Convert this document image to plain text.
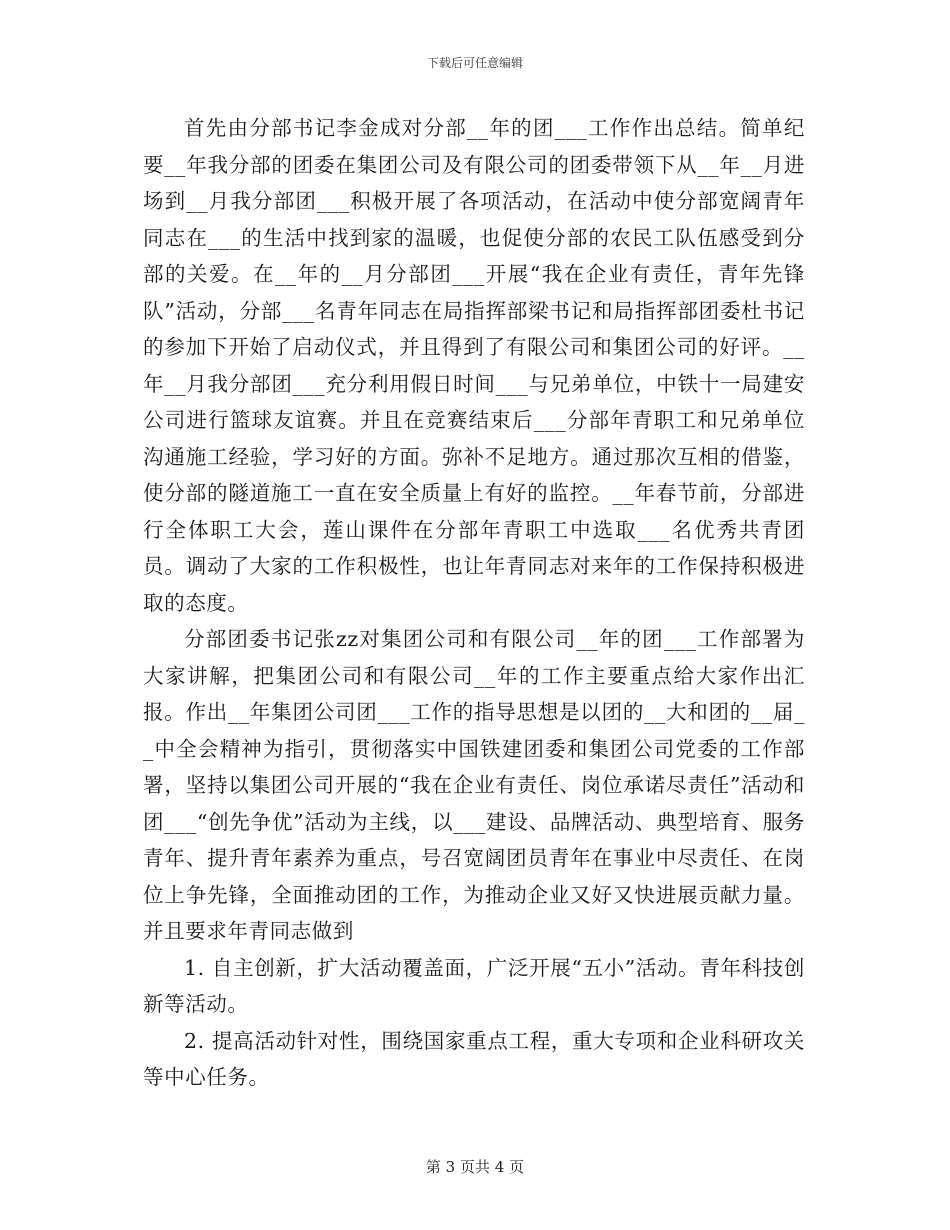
下载后可任意编辑

首先由分部书记李金成对分部__年的团___工作作出总结。简单纪要__年我分部的团委在集团公司及有限公司的团委带领下从__年__月进场到__月我分部团___积极开展了各项活动，在活动中使分部宽阔青年同志在___的生活中找到家的温暖，也促使分部的农民工队伍感受到分部的关爱。在__年的__月分部团___开展“我在企业有责任，青年先锋队”活动，分部___名青年同志在局指挥部梁书记和局指挥部团委杜书记的参加下开始了启动仪式，并且得到了有限公司和集团公司的好评。__年__月我分部团___充分利用假日时间___与兄弟单位，中铁十一局建安公司进行篮球友谊赛。并且在竞赛结束后___分部年青职工和兄弟单位沟通施工经验，学习好的方面。弥补不足地方。通过那次互相的借鉴，使分部的隧道施工一直在安全质量上有好的监控。__年春节前，分部进行全体职工大会，莲山课件在分部年青职工中选取___名优秀共青团员。调动了大家的工作积极性，也让年青同志对来年的工作保持积极进取的态度。

分部团委书记张zz对集团公司和有限公司__年的团___工作部署为大家讲解，把集团公司和有限公司__年的工作主要重点给大家作出汇报。作出__年集团公司团___工作的指导思想是以团的__大和团的__届__中全会精神为指引，贯彻落实中国铁建团委和集团公司党委的工作部署，坚持以集团公司开展的“我在企业有责任、岗位承诺尽责任”活动和团___“创先争优”活动为主线，以___建设、品牌活动、典型培育、服务青年、提升青年素养为重点，号召宽阔团员青年在事业中尽责任、在岗位上争先锋，全面推动团的工作，为推动企业又好又快进展贡献力量。并且要求年青同志做到

1. 自主创新，扩大活动覆盖面，广泛开展“五小”活动。青年科技创新等活动。

2. 提高活动针对性，围绕国家重点工程，重大专项和企业科研攻关等中心任务。

第 3 页共 4 页
